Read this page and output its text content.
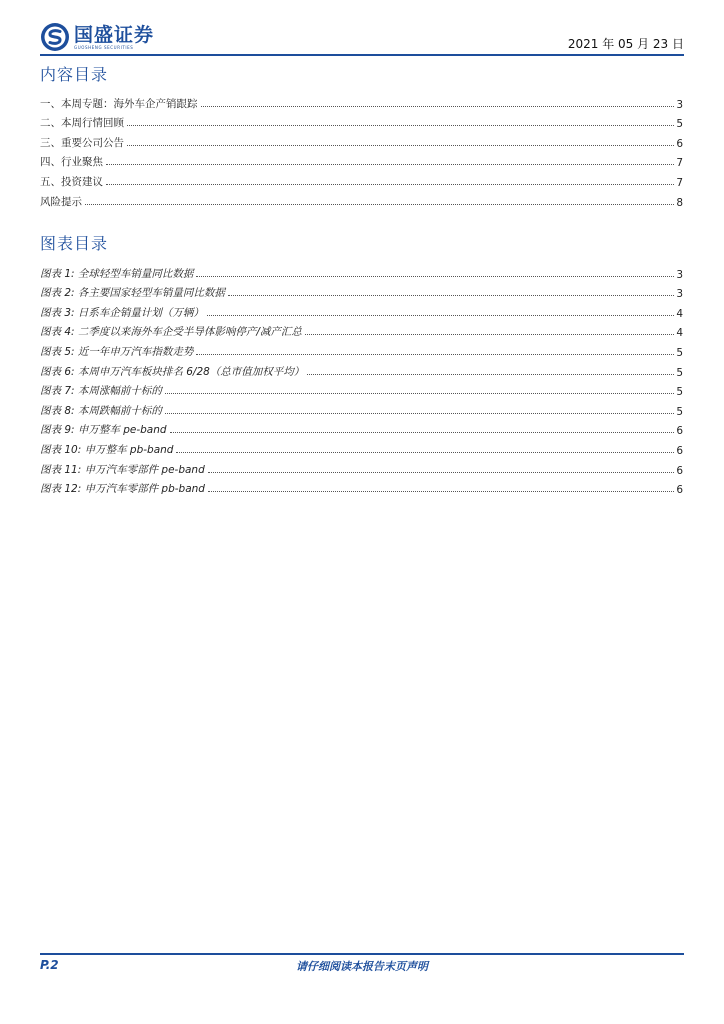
国盛证券
GUOSHENG SECURITIES	2021 年 05 月 23 日
内容目录
一、本周专题：海外车企产销跟踪	3
二、本周行情回顾	5
三、重要公司公告	6
四、行业聚焦	7
五、投资建议	7
风险提示	8
图表目录
图表 1: 全球轻型车销量同比数据	3
图表 2: 各主要国家轻型车销量同比数据	3
图表 3: 日系车企销量计划（万辆）	4
图表 4: 二季度以来海外车企受半导体影响停产/减产汇总	4
图表 5: 近一年申万汽车指数走势	5
图表 6: 本周申万汽车板块排名 6/28（总市值加权平均）	5
图表 7: 本周涨幅前十标的	5
图表 8: 本周跌幅前十标的	5
图表 9: 申万整车 pe-band	6
图表 10: 申万整车 pb-band	6
图表 11: 申万汽车零部件 pe-band	6
图表 12: 申万汽车零部件 pb-band	6
请仔细阅读本报告末页声明
P.2
